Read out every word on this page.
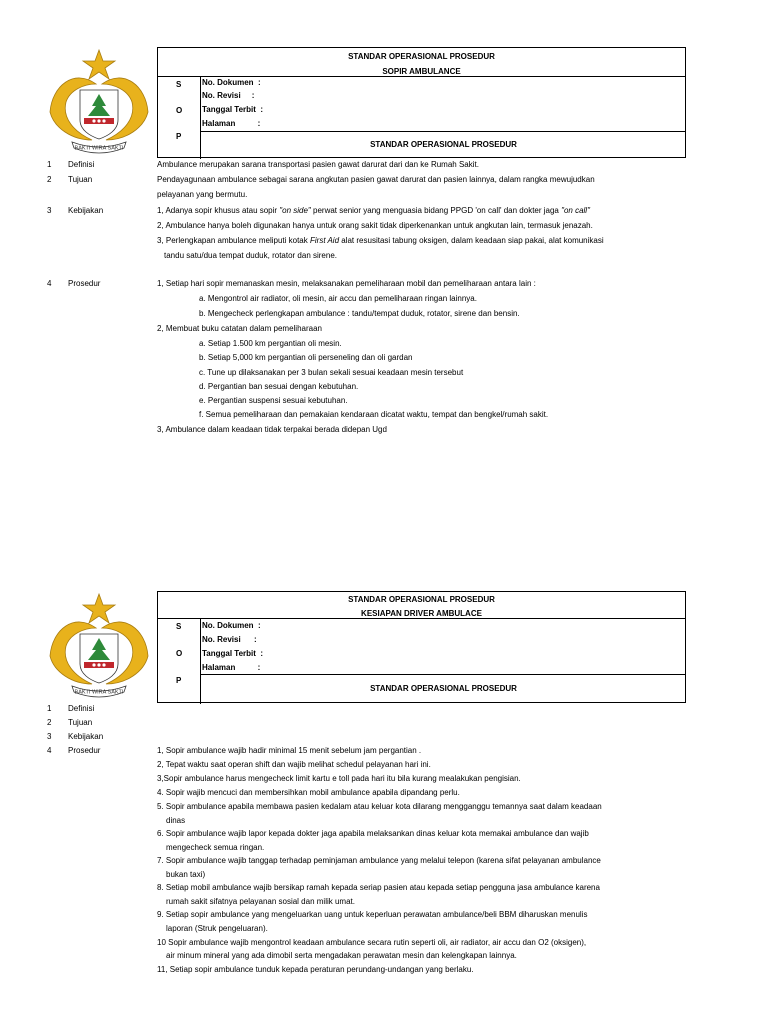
BAKTI WIRA SAKTI
STANDAR OPERASIONAL PROSEDUR
SOPIR AMBULANCE
S
O
P
No. Dokumen  :
No. Revisi     :
Tanggal Terbit  :
Halaman          :
STANDAR OPERASIONAL PROSEDUR
1 Definisi	Ambulance merupakan sarana transportasi pasien gawat darurat dari dan ke Rumah Sakit.
2 Tujuan	Pendayagunaan ambulance sebagai sarana angkutan pasien gawat darurat dan pasien lainnya, dalam rangka mewujudkan
pelayanan yang bermutu.
3 Kebijakan	1, Adanya sopir khusus atau sopir "on side" perwat senior yang menguasia bidang PPGD 'on call' dan dokter jaga "on call"
2, Ambulance hanya boleh digunakan hanya untuk orang sakit tidak diperkenankan untuk angkutan lain, termasuk jenazah.
3, Perlengkapan ambulance meliputi kotak First Aid alat resusitasi tabung oksigen, dalam keadaan siap pakai, alat komunikasi
tandu satu/dua tempat duduk, rotator dan sirene.
4 Prosedur	1, Setiap hari sopir memanaskan mesin, melaksanakan pemeliharaan mobil dan pemeliharaan antara lain :
a. Mengontrol air radiator, oli mesin, air accu dan pemeliharaan ringan lainnya.
b. Mengecheck perlengkapan ambulance : tandu/tempat duduk, rotator, sirene dan bensin.
2, Membuat buku catatan dalam pemeliharaan
a. Setiap 1.500 km pergantian oli mesin.
b. Setiap 5,000 km pergantian oli perseneling dan oli gardan
c. Tune up dilaksanakan per 3 bulan sekali sesuai keadaan mesin tersebut
d. Pergantian ban sesuai dengan kebutuhan.
e. Pergantian suspensi sesuai kebutuhan.
f. Semua pemeliharaan dan pemakaian kendaraan dicatat waktu, tempat dan bengkel/rumah sakit.
3, Ambulance dalam keadaan tidak terpakai berada didepan Ugd
BAKTI WIRA SAKTI
STANDAR OPERASIONAL PROSEDUR
KESIAPAN DRIVER AMBULACE
S
O
P
No. Dokumen  :
No. Revisi      :
Tanggal Terbit  :
Halaman          :
STANDAR OPERASIONAL PROSEDUR
1 Definisi
2 Tujuan
3 Kebijakan
4 Prosedur	1, Sopir ambulance wajib hadir minimal 15 menit sebelum jam pergantian .
2, Tepat waktu saat operan shift dan wajib melihat schedul pelayanan hari ini.
3,Sopir ambulance harus mengecheck limit kartu e toll pada hari itu bila kurang mealakukan pengisian.
4. Sopir wajib mencuci dan membersihkan mobil ambulance apabila dipandang perlu.
5. Sopir ambulance apabila membawa pasien kedalam atau keluar kota dilarang mengganggu temannya saat dalam keadaan
dinas
6. Sopir ambulance wajib lapor kepada dokter jaga apabila melaksankan dinas keluar kota memakai ambulance dan wajib
mengecheck semua ringan.
7. Sopir ambulance wajib tanggap terhadap peminjaman ambulance yang melalui telepon (karena sifat pelayanan ambulance
bukan taxi)
8. Setiap mobil ambulance wajib bersikap ramah kepada seriap pasien atau kepada setiap pengguna jasa ambulance karena
rumah sakit sifatnya pelayanan sosial dan milik umat.
9. Setiap sopir ambulance yang mengeluarkan uang untuk keperluan perawatan ambulance/beli BBM diharuskan menulis
laporan (Struk pengeluaran).
10 Sopir ambulance wajib mengontrol keadaan ambulance secara rutin seperti oli, air radiator, air accu dan O2 (oksigen),
air minum mineral yang ada dimobil serta mengadakan perawatan mesin dan kelengkapan lainnya.
11, Setiap sopir ambulance tunduk kepada peraturan perundang-undangan yang berlaku.
